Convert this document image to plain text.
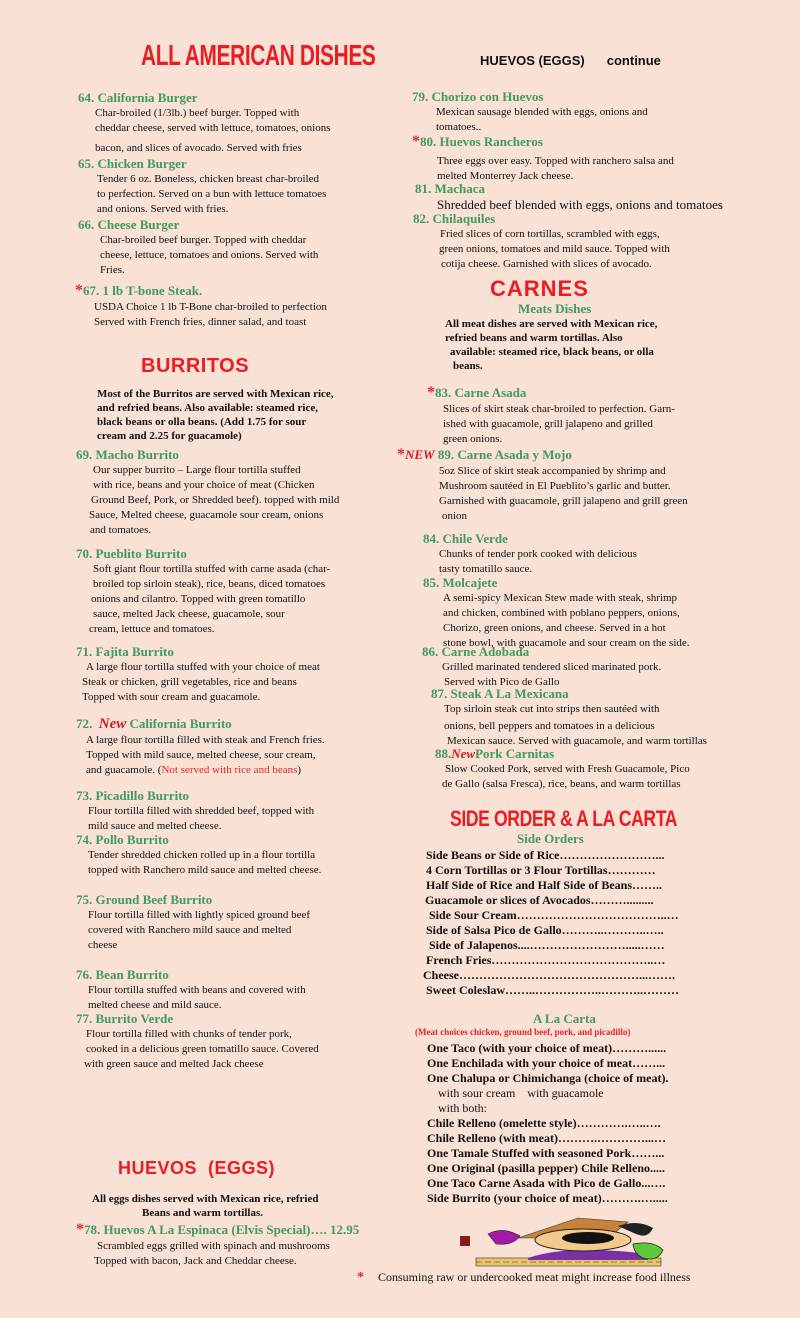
ALL AMERICAN DISHES
64. California Burger
Char-broiled (1/3lb.) beef burger. Topped with
cheddar cheese, served with lettuce, tomatoes, onions
bacon, and slices of avocado. Served with fries
65. Chicken Burger
Tender 6 oz. Boneless, chicken breast char-broiled
to perfection. Served on a bun with lettuce tomatoes
and onions. Served with fries.
66. Cheese Burger
Char-broiled beef burger. Topped with cheddar
cheese, lettuce, tomatoes and onions. Served with
Fries.
*67. 1 lb T-bone Steak.
USDA Choice 1 lb T-Bone char-broiled to perfection
Served with French fries, dinner salad, and toast
BURRITOS
Most of the Burritos are served with Mexican rice,
and refried beans. Also available: steamed rice,
black beans or olla beans. (Add 1.75 for sour
cream and 2.25 for guacamole)
69. Macho Burrito
Our supper burrito – Large flour tortilla stuffed
with rice, beans and your choice of meat (Chicken
Ground Beef, Pork, or Shredded beef). topped with mild
Sauce, Melted cheese, guacamole sour cream, onions
and tomatoes.
70. Pueblito Burrito
Soft giant flour tortilla stuffed with carne asada (char-
broiled top sirloin steak), rice, beans, diced tomatoes
onions and cilantro. Topped with green tomatillo
sauce, melted Jack cheese, guacamole, sour
cream, lettuce and tomatoes.
71. Fajita Burrito
A large flour tortilla stuffed with your choice of meat
Steak or chicken, grill vegetables, rice and beans
Topped with sour cream and guacamole.
72. New California Burrito
A large flour tortilla filled with steak and French fries.
Topped with mild sauce, melted cheese, sour cream,
and guacamole. (Not served with rice and beans)
73. Picadillo Burrito
Flour tortilla filled with shredded beef, topped with
mild sauce and melted cheese.
74. Pollo Burrito
Tender shredded chicken rolled up in a flour tortilla
topped with Ranchero mild sauce and melted cheese.
75. Ground Beef Burrito
Flour tortilla filled with lightly spiced ground beef
covered with Ranchero mild sauce and melted
cheese
76. Bean Burrito
Flour tortilla stuffed with beans and covered with
melted cheese and mild sauce.
77. Burrito Verde
Flour tortilla filled with chunks of tender pork,
cooked in a delicious green tomatillo sauce. Covered
with green sauce and melted Jack cheese
HUEVOS  (EGGS)
All eggs dishes served with Mexican rice, refried
Beans and warm tortillas.
*78. Huevos A La Espinaca (Elvis Special)…. 12.95
Scrambled eggs grilled with spinach and mushrooms
Topped with bacon, Jack and Cheddar cheese.
HUEVOS (EGGS) continue
79. Chorizo con Huevos
Mexican sausage blended with eggs, onions and
tomatoes..
*80. Huevos Rancheros
Three eggs over easy. Topped with ranchero salsa and
melted Monterrey Jack cheese.
81. Machaca
Shredded beef blended with eggs, onions and tomatoes
82. Chilaquiles
Fried slices of corn tortillas, scrambled with eggs,
green onions, tomatoes and mild sauce. Topped with
cotija cheese. Garnished with slices of avocado.
CARNES
Meats Dishes
All meat dishes are served with Mexican rice,
refried beans and warm tortillas. Also
available: steamed rice, black beans, or olla
beans.
*83. Carne Asada
Slices of skirt steak char-broiled to perfection. Garn-
ished with guacamole, grill jalapeno and grilled
green onions.
*NEW 89. Carne Asada y Mojo
5oz Slice of skirt steak accompanied by shrimp and
Mushroom sautéed in El Pueblito’s garlic and butter.
Garnished with guacamole, grill jalapeno and grill green
onion
84. Chile Verde
Chunks of tender pork cooked with delicious
tasty tomatillo sauce.
85. Molcajete
A semi-spicy Mexican Stew made with steak, shrimp
and chicken, combined with poblano peppers, onions,
Chorizo, green onions, and cheese. Served in a hot
stone bowl, with guacamole and sour cream on the side.
86. Carne Adobada
Grilled marinated tendered sliced marinated pork.
Served with Pico de Gallo
87. Steak A La Mexicana
Top sirloin steak cut into strips then sautéed with
onions, bell peppers and tomatoes in a delicious
Mexican sauce. Served with guacamole, and warm tortillas
88.NewPork Carnitas
Slow Cooked Pork, served with Fresh Guacamole, Pico
de Gallo (salsa Fresca), rice, beans, and warm tortillas
SIDE ORDER & A LA CARTA
Side Orders
Side Beans or Side of Rice……………………...
4 Corn Tortillas or 3 Flour Tortillas…………
Half Side of Rice and Half Side of Beans……..
Guacamole or slices of Avocados……….........
Side Sour Cream………………………………..…
Side of Salsa Pico de Gallo………..………..…..
Side of Jalapenos....…………………….....……
French Fries…………………………………..…
Cheese………………………………………...…….
Sweet Coleslaw……..……………..………..………
A La Carta
(Meat choices chicken, ground beef, pork, and picadillo)
One Taco (with your choice of meat)………......
One Enchilada with your choice of meat……...
One Chalupa or Chimichanga (choice of meat).
with sour cream    with guacamole
with both:
Chile Relleno (omelette style)………….…..….
Chile Relleno (with meat)……….…………...…
One Tamale Stuffed with seasoned Pork……...
One Original (pasilla pepper) Chile Relleno.....
One Taco Carne Asada with Pico de Gallo...….
Side Burrito (your choice of meat)……….….....
* Consuming raw or undercooked meat might increase food illness
